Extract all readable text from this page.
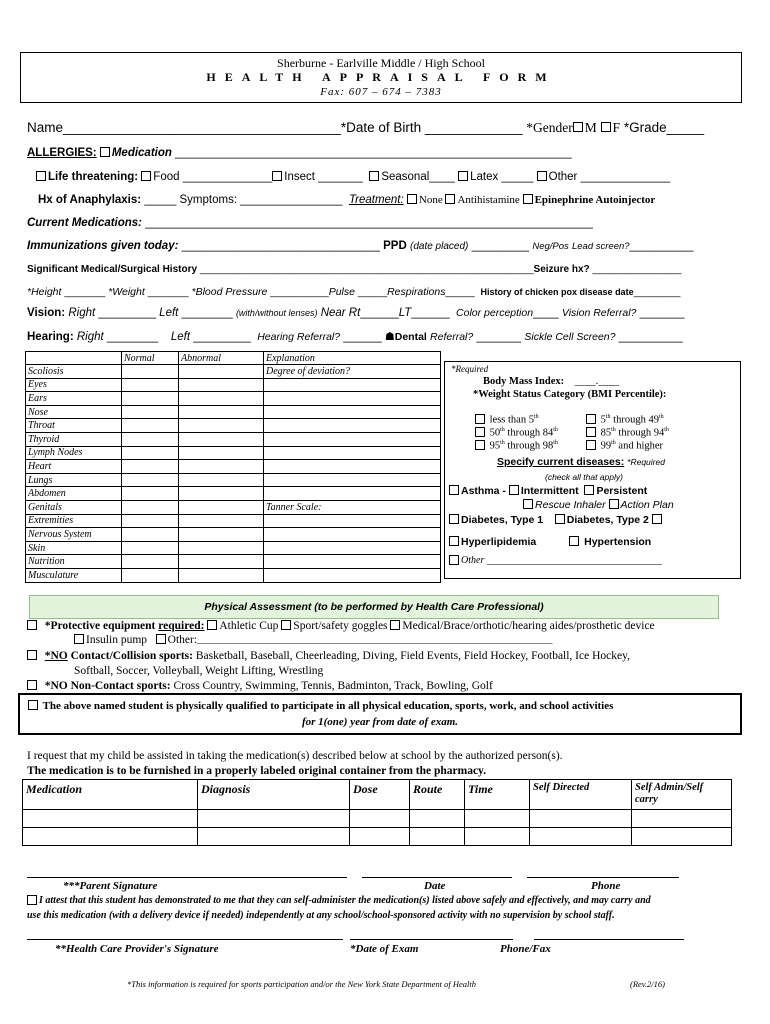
Sherburne - Earlville Middle / High School
HEALTH APPRAISAL FORM
Fax: 607 – 674 – 7383
Name_____________________________________*Date of Birth _____________ *Gender M F *Grade_____
ALLERGIES: Medication ______________________________________________________________
Life threatening: Food ______________ Insect _______ Seasonal____ Latex _____ Other ______________
Hx of Anaphylaxis: _____ Symptoms: ________________ Treatment: None Antihistamine Epinephrine Autoinjector
Current Medications: ______________________________________________________________________
Immunizations given today: _______________________________ PPD (date placed) _________ Neg/Pos Lead screen?__________
Significant Medical/Surgical History ____________________________________________________________Seizure hx? ________________
*Height _______ *Weight _______ *Blood Pressure __________Pulse _____Respirations_____ History of chicken pox disease date________
Vision: Right _________ Left ________ (with/without lenses) Near Rt______LT______ Color perception____ Vision Referral? _______
Hearing: Right ________ Left _________ Hearing Referral? ______ ☗Dental Referral? _______ Sickle Cell Screen? __________
	Normal	Abnormal	Explanation
Scoliosis			Degree of deviation?
Eyes			
Ears			
Nose			
Throat			
Thyroid			
Lymph Nodes			
Heart			
Lungs			
Abdomen			
Genitals			Tanner Scale:
Extremities			
Nervous System			
Skin			
Nutrition			
Musculature			
*Required
Body Mass Index: ____.____
*Weight Status Category (BMI Percentile):
less than 5th	5th through 49th
50th through 84th	85th through 94th
95th through 98th	99th and higher
Specify current diseases: *Required
(check all that apply)
Asthma - Intermittent Persistent
Rescue Inhaler Action Plan
Diabetes, Type 1 Diabetes, Type 2
Hyperlipidemia	Hypertension
Other ___________________________________
Physical Assessment (to be performed by Health Care Professional)
*Protective equipment required: Athletic Cup Sport/safety goggles Medical/Brace/orthotic/hearing aides/prosthetic device
Insulin pump Other:_______________________________________________________________________________
*NO Contact/Collision sports: Basketball, Baseball, Cheerleading, Diving, Field Events, Field Hockey, Football, Ice Hockey,
Softball, Soccer, Volleyball, Weight Lifting, Wrestling
*NO Non-Contact sports: Cross Country, Swimming, Tennis, Badminton, Track, Bowling, Golf
The above named student is physically qualified to participate in all physical education, sports, work, and school activities
for 1(one) year from date of exam.
I request that my child be assisted in taking the medication(s) described below at school by the authorized person(s).
The medication is to be furnished in a properly labeled original container from the pharmacy.
Medication	Diagnosis	Dose	Route	Time	Self Directed	Self Admin/Self carry

***Parent Signature	Date	Phone
I attest that this student has demonstrated to me that they can self-administer the medication(s) listed above safely and effectively, and may carry and
use this medication (with a delivery device if needed) independently at any school/school-sponsored activity with no supervision by school staff.
**Health Care Provider's Signature	*Date of Exam	Phone/Fax
*This information is required for sports participation and/or the New York State Department of Health	(Rev.2/16)
